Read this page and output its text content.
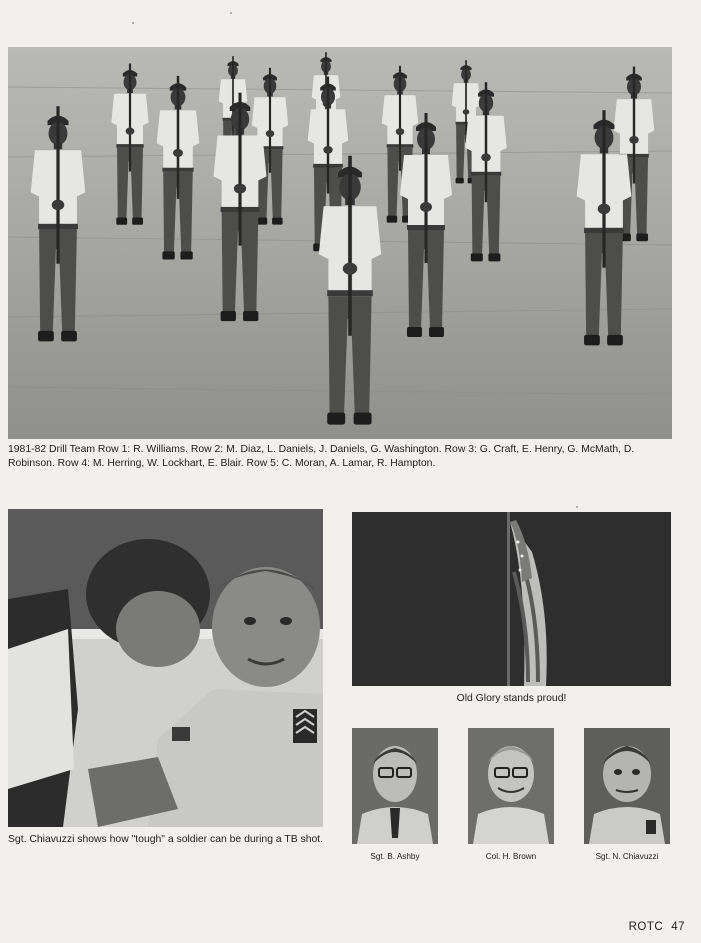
1981-82 Drill Team Row 1: R. Williams. Row 2: M. Diaz, L. Daniels, J. Daniels, G. Washington. Row 3: G. Craft, E. Henry, G. McMath, D. Robinson. Row 4: M. Herring, W. Lockhart, E. Blair. Row 5: C. Moran, A. Lamar, R. Hampton.
Sgt. Chiavuzzi shows how "tough" a soldier can be during a TB shot.
Old Glory stands proud!
Sgt. B. Ashby	Col. H. Brown	Sgt. N. Chiavuzzi
ROTC 47
